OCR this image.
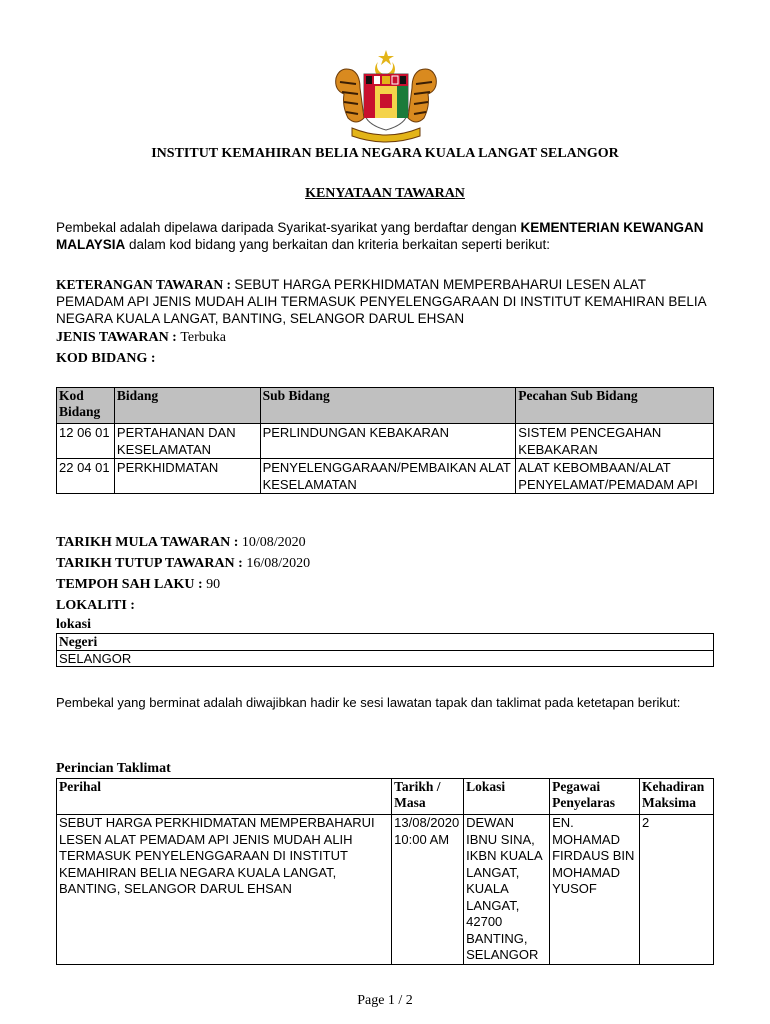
INSTITUT KEMAHIRAN BELIA NEGARA KUALA LANGAT SELANGOR
KENYATAAN TAWARAN
Pembekal adalah dipelawa daripada Syarikat-syarikat yang berdaftar dengan KEMENTERIAN KEWANGAN MALAYSIA dalam kod bidang yang berkaitan dan kriteria berkaitan seperti berikut:
KETERANGAN TAWARAN : SEBUT HARGA PERKHIDMATAN MEMPERBAHARUI LESEN ALAT PEMADAM API JENIS MUDAH ALIH TERMASUK PENYELENGGARAAN DI INSTITUT KEMAHIRAN BELIA NEGARA KUALA LANGAT, BANTING, SELANGOR DARUL EHSAN
JENIS TAWARAN : Terbuka
KOD BIDANG :
Kod Bidang	Bidang	Sub Bidang	Pecahan Sub Bidang
12 06 01	PERTAHANAN DAN KESELAMATAN	PERLINDUNGAN KEBAKARAN	SISTEM PENCEGAHAN KEBAKARAN
22 04 01	PERKHIDMATAN	PENYELENGGARAAN/PEMBAIKAN ALAT KESELAMATAN	ALAT KEBOMBAAN/ALAT PENYELAMAT/PEMADAM API
TARIKH MULA TAWARAN : 10/08/2020
TARIKH TUTUP TAWARAN : 16/08/2020
TEMPOH SAH LAKU : 90
LOKALITI :
lokasi
Negeri
SELANGOR
Pembekal yang berminat adalah diwajibkan hadir ke sesi lawatan tapak dan taklimat pada ketetapan berikut:
Perincian Taklimat
Perihal	Tarikh / Masa	Lokasi	Pegawai Penyelaras	Kehadiran Maksima
SEBUT HARGA PERKHIDMATAN MEMPERBAHARUI LESEN ALAT PEMADAM API JENIS MUDAH ALIH TERMASUK PENYELENGGARAAN DI INSTITUT KEMAHIRAN BELIA NEGARA KUALA LANGAT, BANTING, SELANGOR DARUL EHSAN	13/08/2020 10:00 AM	DEWAN IBNU SINA, IKBN KUALA LANGAT, KUALA LANGAT, 42700 BANTING, SELANGOR	EN. MOHAMAD FIRDAUS BIN MOHAMAD YUSOF	2
Page 1 / 2
